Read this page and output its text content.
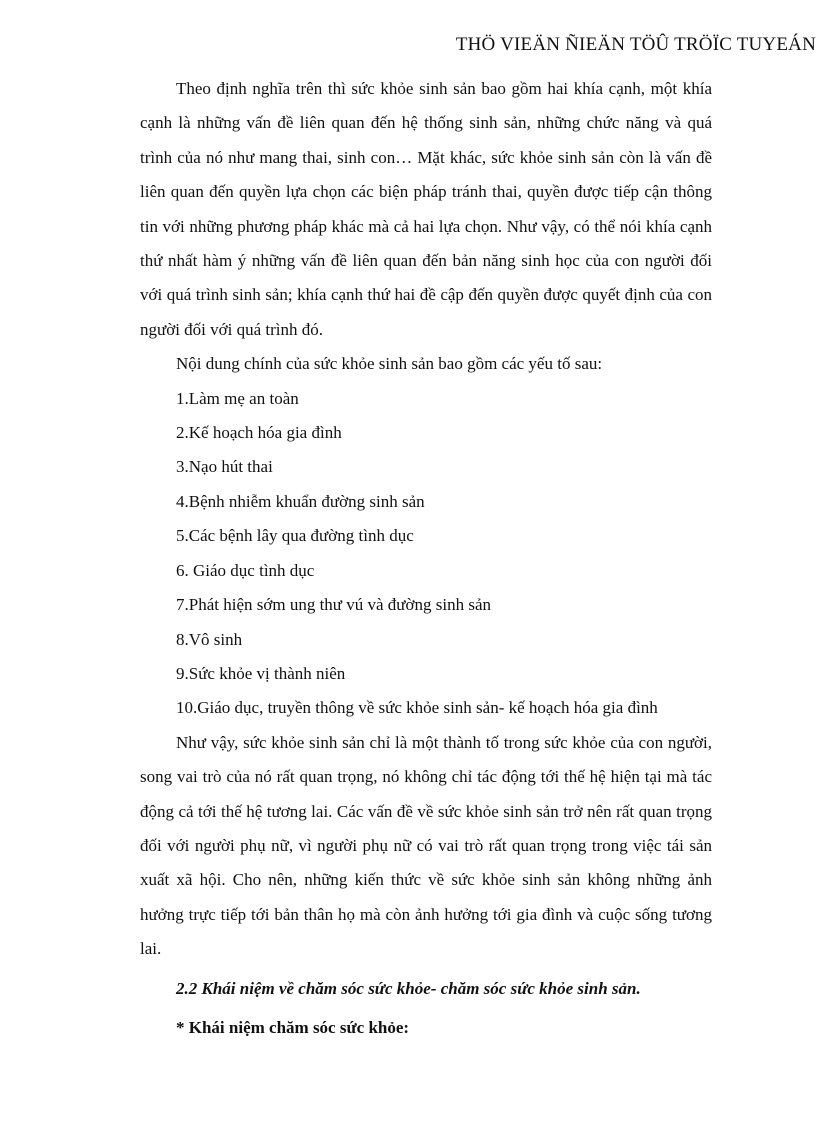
THÖ VIEÄN ÑIEÄN TÖÛ TRÖÏC TUYEÁN

Theo định nghĩa trên thì sức khỏe sinh sản bao gồm hai khía cạnh, một khía cạnh là những vấn đề liên quan đến hệ thống sinh sản, những chức năng và quá trình của nó như mang thai, sinh con… Mặt khác, sức khỏe sinh sản còn là vấn đề liên quan đến quyền lựa chọn các biện pháp tránh thai, quyền được tiếp cận thông tin với những phương pháp khác mà cả hai lựa chọn. Như vậy, có thể nói khía cạnh thứ nhất hàm ý những vấn đề liên quan đến bản năng sinh học của con người đối với quá trình sinh sản; khía cạnh thứ hai đề cập đến quyền được quyết định của con người đối với quá trình đó.

Nội dung chính của sức khỏe sinh sản bao gồm các yếu tố sau:

1.Làm mẹ an toàn
2.Kế hoạch hóa gia đình
3.Nạo hút thai
4.Bệnh nhiễm khuẩn đường sinh sản
5.Các bệnh lây qua đường tình dục
6. Giáo dục tình dục
7.Phát hiện sớm ung thư vú và đường sinh sản
8.Vô sinh
9.Sức khỏe vị thành niên
10.Giáo dục, truyền thông về sức khỏe sinh sản- kế hoạch hóa gia đình

Như vậy, sức khỏe sinh sản chỉ là một thành tố trong sức khỏe của con người, song vai trò của nó rất quan trọng, nó không chỉ tác động tới thế hệ hiện tại mà tác động cả tới thế hệ tương lai. Các vấn đề về sức khỏe sinh sản trở nên rất quan trọng đối với người phụ nữ, vì người phụ nữ có vai trò rất quan trọng trong việc tái sản xuất xã hội. Cho nên, những kiến thức về sức khỏe sinh sản không những ảnh hưởng trực tiếp tới bản thân họ mà còn ảnh hưởng tới gia đình và cuộc sống tương lai.

2.2 Khái niệm về chăm sóc sức khỏe- chăm sóc sức khỏe sinh sản.
* Khái niệm chăm sóc sức khỏe:
